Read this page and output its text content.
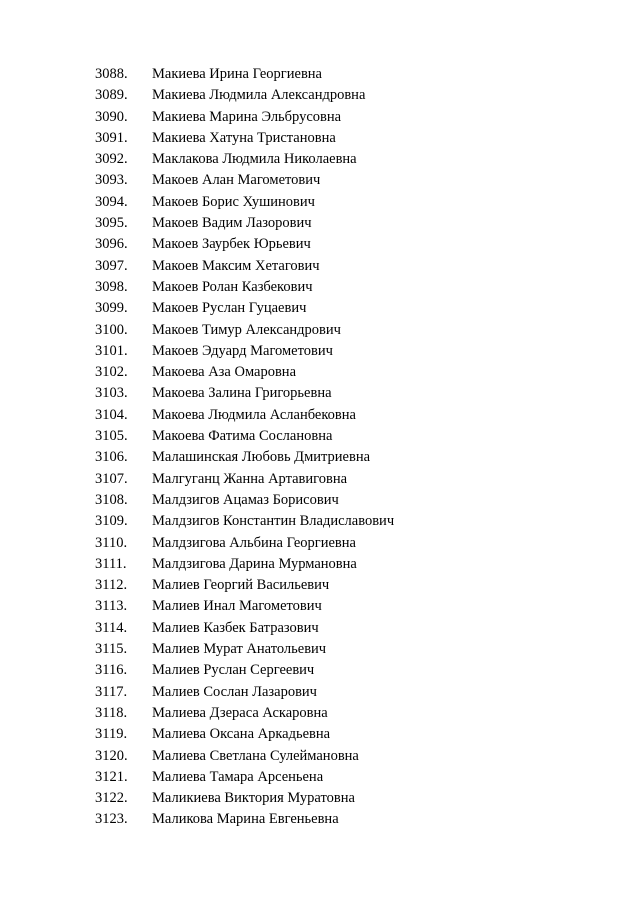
3088.	Макиева Ирина Георгиевна
3089.	Макиева Людмила Александровна
3090.	Макиева Марина Эльбрусовна
3091.	Макиева Хатуна Тристановна
3092.	Маклакова Людмила Николаевна
3093.	Макоев Алан Магометович
3094.	Макоев Борис Хушинович
3095.	Макоев Вадим Лазорович
3096.	Макоев Заурбек Юрьевич
3097.	Макоев Максим Хетагович
3098.	Макоев Ролан Казбекович
3099.	Макоев Руслан Гуцаевич
3100.	Макоев Тимур Александрович
3101.	Макоев Эдуард Магометович
3102.	Макоева Аза Омаровна
3103.	Макоева Залина Григорьевна
3104.	Макоева Людмила Асланбековна
3105.	Макоева Фатима Сослановна
3106.	Малашинская Любовь Дмитриевна
3107.	Малгуганц Жанна Артавиговна
3108.	Малдзигов Ацамаз Борисович
3109.	Малдзигов Константин Владиславович
3110.	Малдзигова Альбина Георгиевна
3111.	Малдзигова Дарина Мурмановна
3112.	Малиев Георгий Васильевич
3113.	Малиев Инал Магометович
3114.	Малиев Казбек Батразович
3115.	Малиев Мурат Анатольевич
3116.	Малиев Руслан Сергеевич
3117.	Малиев Сослан Лазарович
3118.	Малиева Дзераса Аскаровна
3119.	Малиева Оксана Аркадьевна
3120.	Малиева Светлана Сулеймановна
3121.	Малиева Тамара Арсеньена
3122.	Маликиева Виктория Муратовна
3123.	Маликова Марина Евгеньевна
